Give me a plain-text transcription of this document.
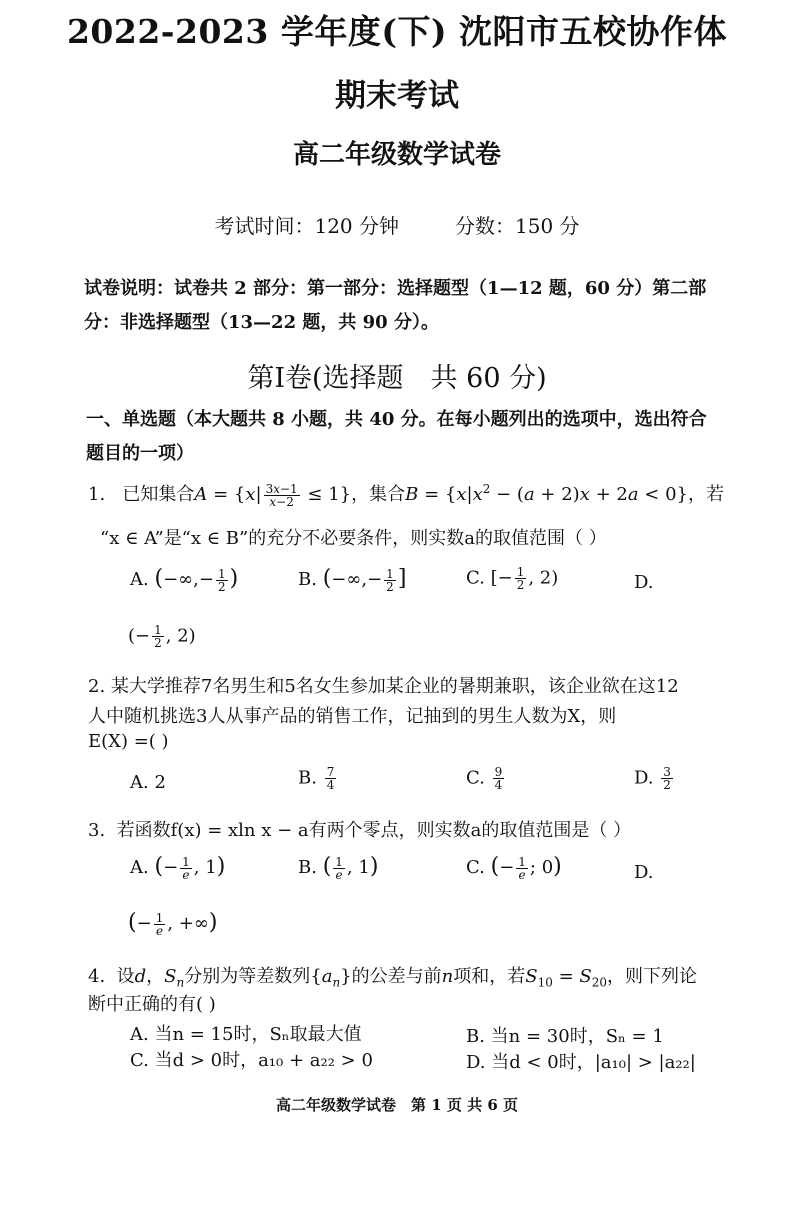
2022-2023 学年度(下) 沈阳市五校协作体
期末考试
高二年级数学试卷
考试时间：120 分钟	分数：150 分
试卷说明：试卷共 2 部分：第一部分：选择题型（1—12 题，60 分）第二部分：非选择题型（13—22 题，共 90 分）。
第Ⅰ卷(选择题　共 60 分)
一、单选题（本大题共 8 小题，共 40 分。在每小题列出的选项中，选出符合题目的一项）
1. 已知集合$A = \{x| \frac{3x-1}{x-2} \le 1\}$，集合$B = \{x|x^2 - (a + 2)x + 2a < 0\}$，若
“x ∈ A”是“x ∈ B”的充分不必要条件，则实数a的取值范围（ ）
A. (−∞,− $\frac{1}{2}$ )	B. (−∞,− $\frac{1}{2}$ ]	C. [− $\frac{1}{2}$ , 2)	D.
(− $\frac{1}{2}$ , 2)
2. 某大学推荐7名男生和5名女生参加某企业的暑期兼职，该企业欲在这12
人中随机挑选3人从事产品的销售工作，记抽到的男生人数为X，则
E(X) =( )
A. 2	B. $\frac{7}{4}$	C. $\frac{9}{4}$	D. $\frac{3}{2}$
3. 若函数f(x) = xln x − a有两个零点，则实数a的取值范围是（ ）
A. (− $\frac{1}{e}$ , 1)	B. ( $\frac{1}{e}$ , 1)	C. (− $\frac{1}{e}$ ; 0)	D.
(− $\frac{1}{e}$ , +∞)
4.  设d，$S_n$分别为等差数列$\{a_n\}$的公差与前n项和，若$S_{10} = S_{20}$，则下列论
断中正确的有( )
A. 当n = 15时，Sₙ取最大值	B. 当n = 30时，Sₙ = 1
C. 当d > 0时，a₁₀ + a₂₂ > 0	D. 当d < 0时，|a₁₀| > |a₂₂|
高二年级数学试卷　第 1 页 共 6 页
